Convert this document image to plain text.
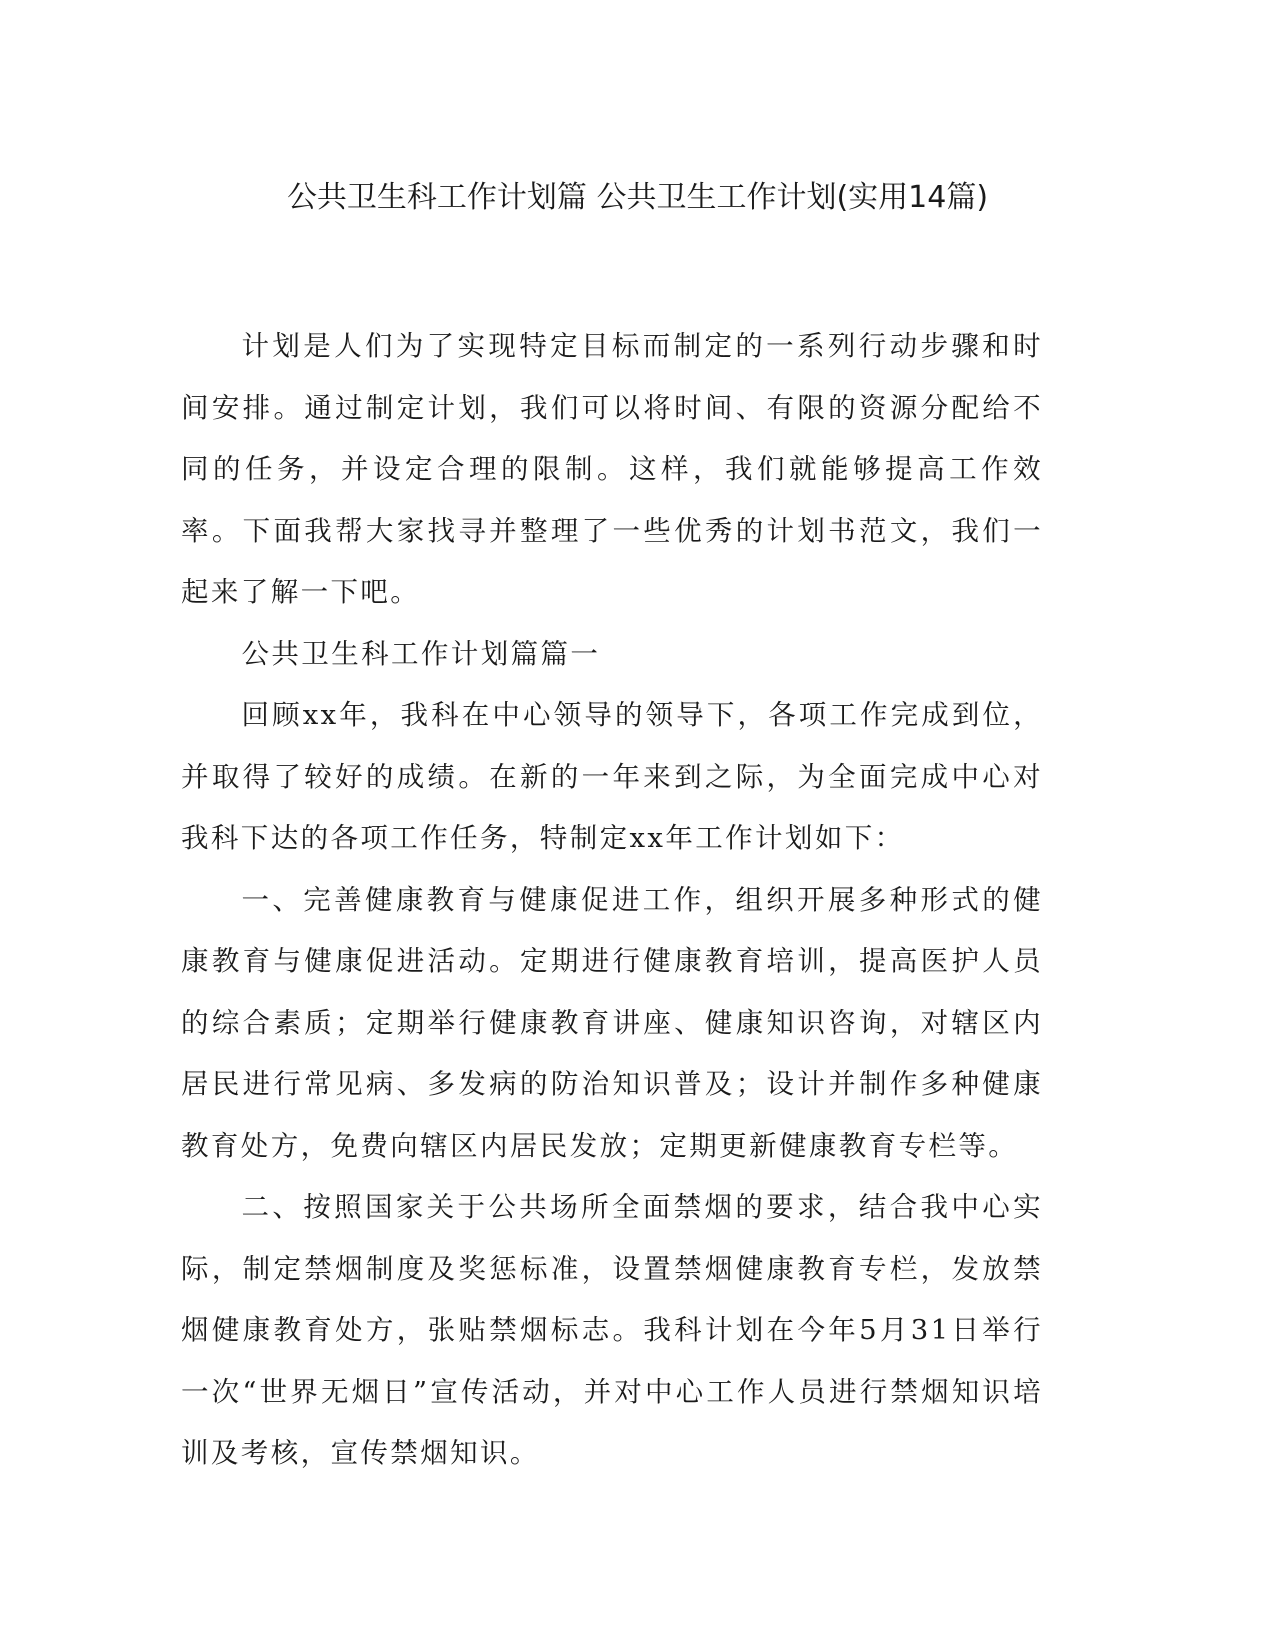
公共卫生科工作计划篇 公共卫生工作计划(实用14篇)

计划是人们为了实现特定目标而制定的一系列行动步骤和时间安排。通过制定计划，我们可以将时间、有限的资源分配给不同的任务，并设定合理的限制。这样，我们就能够提高工作效率。下面我帮大家找寻并整理了一些优秀的计划书范文，我们一起来了解一下吧。

公共卫生科工作计划篇篇一

回顾xx年，我科在中心领导的领导下，各项工作完成到位，并取得了较好的成绩。在新的一年来到之际，为全面完成中心对我科下达的各项工作任务，特制定xx年工作计划如下：

一、完善健康教育与健康促进工作，组织开展多种形式的健康教育与健康促进活动。定期进行健康教育培训，提高医护人员的综合素质；定期举行健康教育讲座、健康知识咨询，对辖区内居民进行常见病、多发病的防治知识普及；设计并制作多种健康教育处方，免费向辖区内居民发放；定期更新健康教育专栏等。

二、按照国家关于公共场所全面禁烟的要求，结合我中心实际，制定禁烟制度及奖惩标准，设置禁烟健康教育专栏，发放禁烟健康教育处方，张贴禁烟标志。我科计划在今年5月31日举行一次“世界无烟日”宣传活动，并对中心工作人员进行禁烟知识培训及考核，宣传禁烟知识。
